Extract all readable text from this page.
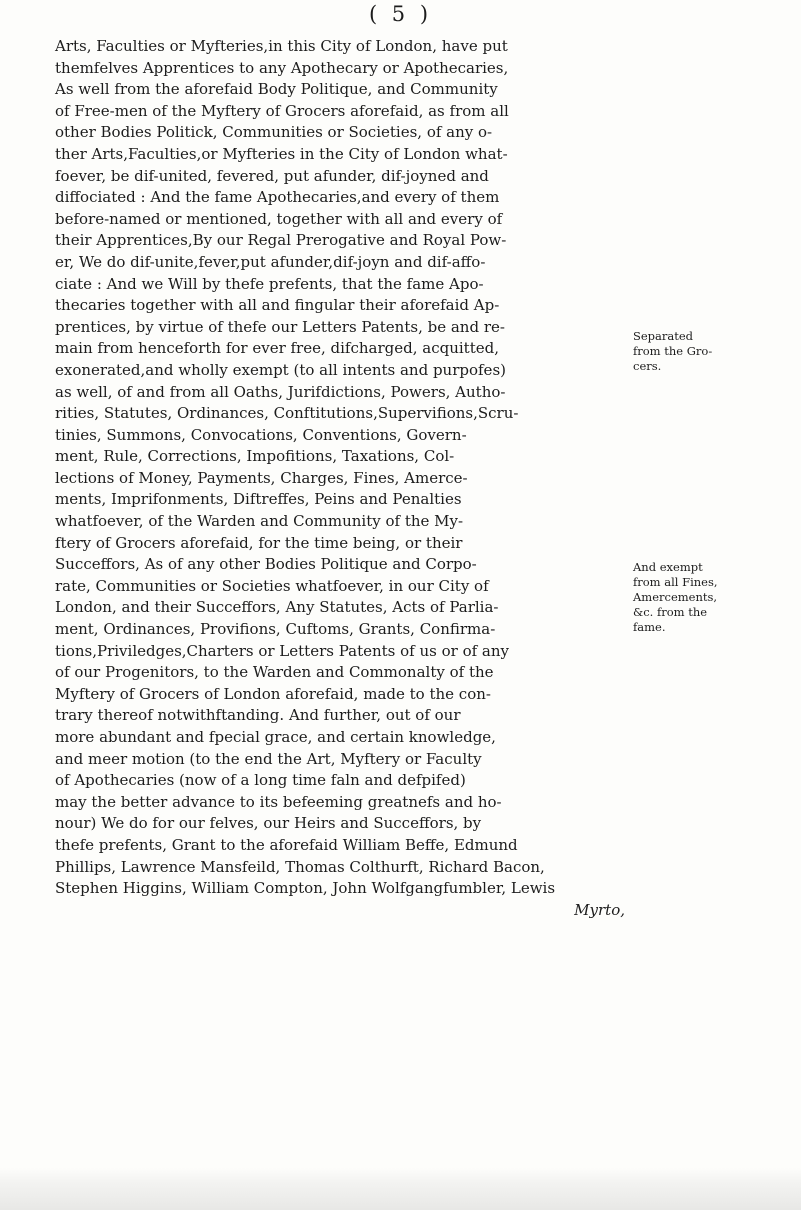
( 5 )
Arts, Faculties or Myfteries,in this City of London, have put
themfelves Apprentices to any Apothecary or Apothecaries,
As well from the aforefaid Body Politique, and Community
of Free-men of the Myftery of Grocers aforefaid, as from all
other Bodies Politick, Communities or Societies, of any o-
ther Arts,Faculties,or Myfteries in the City of London what-
foever, be dif-united, fevered, put afunder, dif-joyned and
diffociated : And the fame Apothecaries,and every of them
before-named or mentioned, together with all and every of
their Apprentices,By our Regal Prerogative and Royal Pow-
er, We do dif-unite,fever,put afunder,dif-joyn and dif-affo-
ciate : And we Will by thefe prefents, that the fame Apo-
thecaries together with all and fingular their aforefaid Ap-
prentices, by virtue of thefe our Letters Patents, be and re-
main from henceforth for ever free, difcharged, acquitted,
exonerated,and wholly exempt (to all intents and purpofes)
as well, of and from all Oaths, Jurifdictions, Powers, Autho-
rities, Statutes, Ordinances, Conftitutions,Supervifions,Scru-
tinies, Summons, Convocations, Conventions, Govern-
ment, Rule, Corrections, Impofitions, Taxations, Col-
lections of Money, Payments, Charges, Fines, Amerce-
ments, Imprifonments, Diftreffes, Peins and Penalties
whatfoever, of the Warden and Community of the My-
ftery of Grocers aforefaid, for the time being, or their
Succeffors, As of any other Bodies Politique and Corpo-
rate, Communities or Societies whatfoever, in our City of
London, and their Succeffors, Any Statutes, Acts of Parlia-
ment, Ordinances, Provifions, Cuftoms, Grants, Confirma-
tions,Priviledges,Charters or Letters Patents of us or of any
of our Progenitors, to the Warden and Commonalty of the
Myftery of Grocers of London aforefaid, made to the con-
trary thereof notwithftanding. And further, out of our
more abundant and fpecial grace, and certain knowledge,
and meer motion (to the end the Art, Myftery or Faculty
of Apothecaries (now of a long time faln and defpifed)
may the better advance to its befeeming greatnefs and ho-
nour) We do for our felves, our Heirs and Succeffors, by
thefe prefents, Grant to the aforefaid William Beffe, Edmund
Phillips, Lawrence Mansfeild, Thomas Colthurft, Richard Bacon,
Stephen Higgins, William Compton, John Wolfgangfumbler, Lewis
Myrto,
Separated
from the Gro-
cers.
And exempt
from all Fines,
Amercements,
&c. from the
fame.
